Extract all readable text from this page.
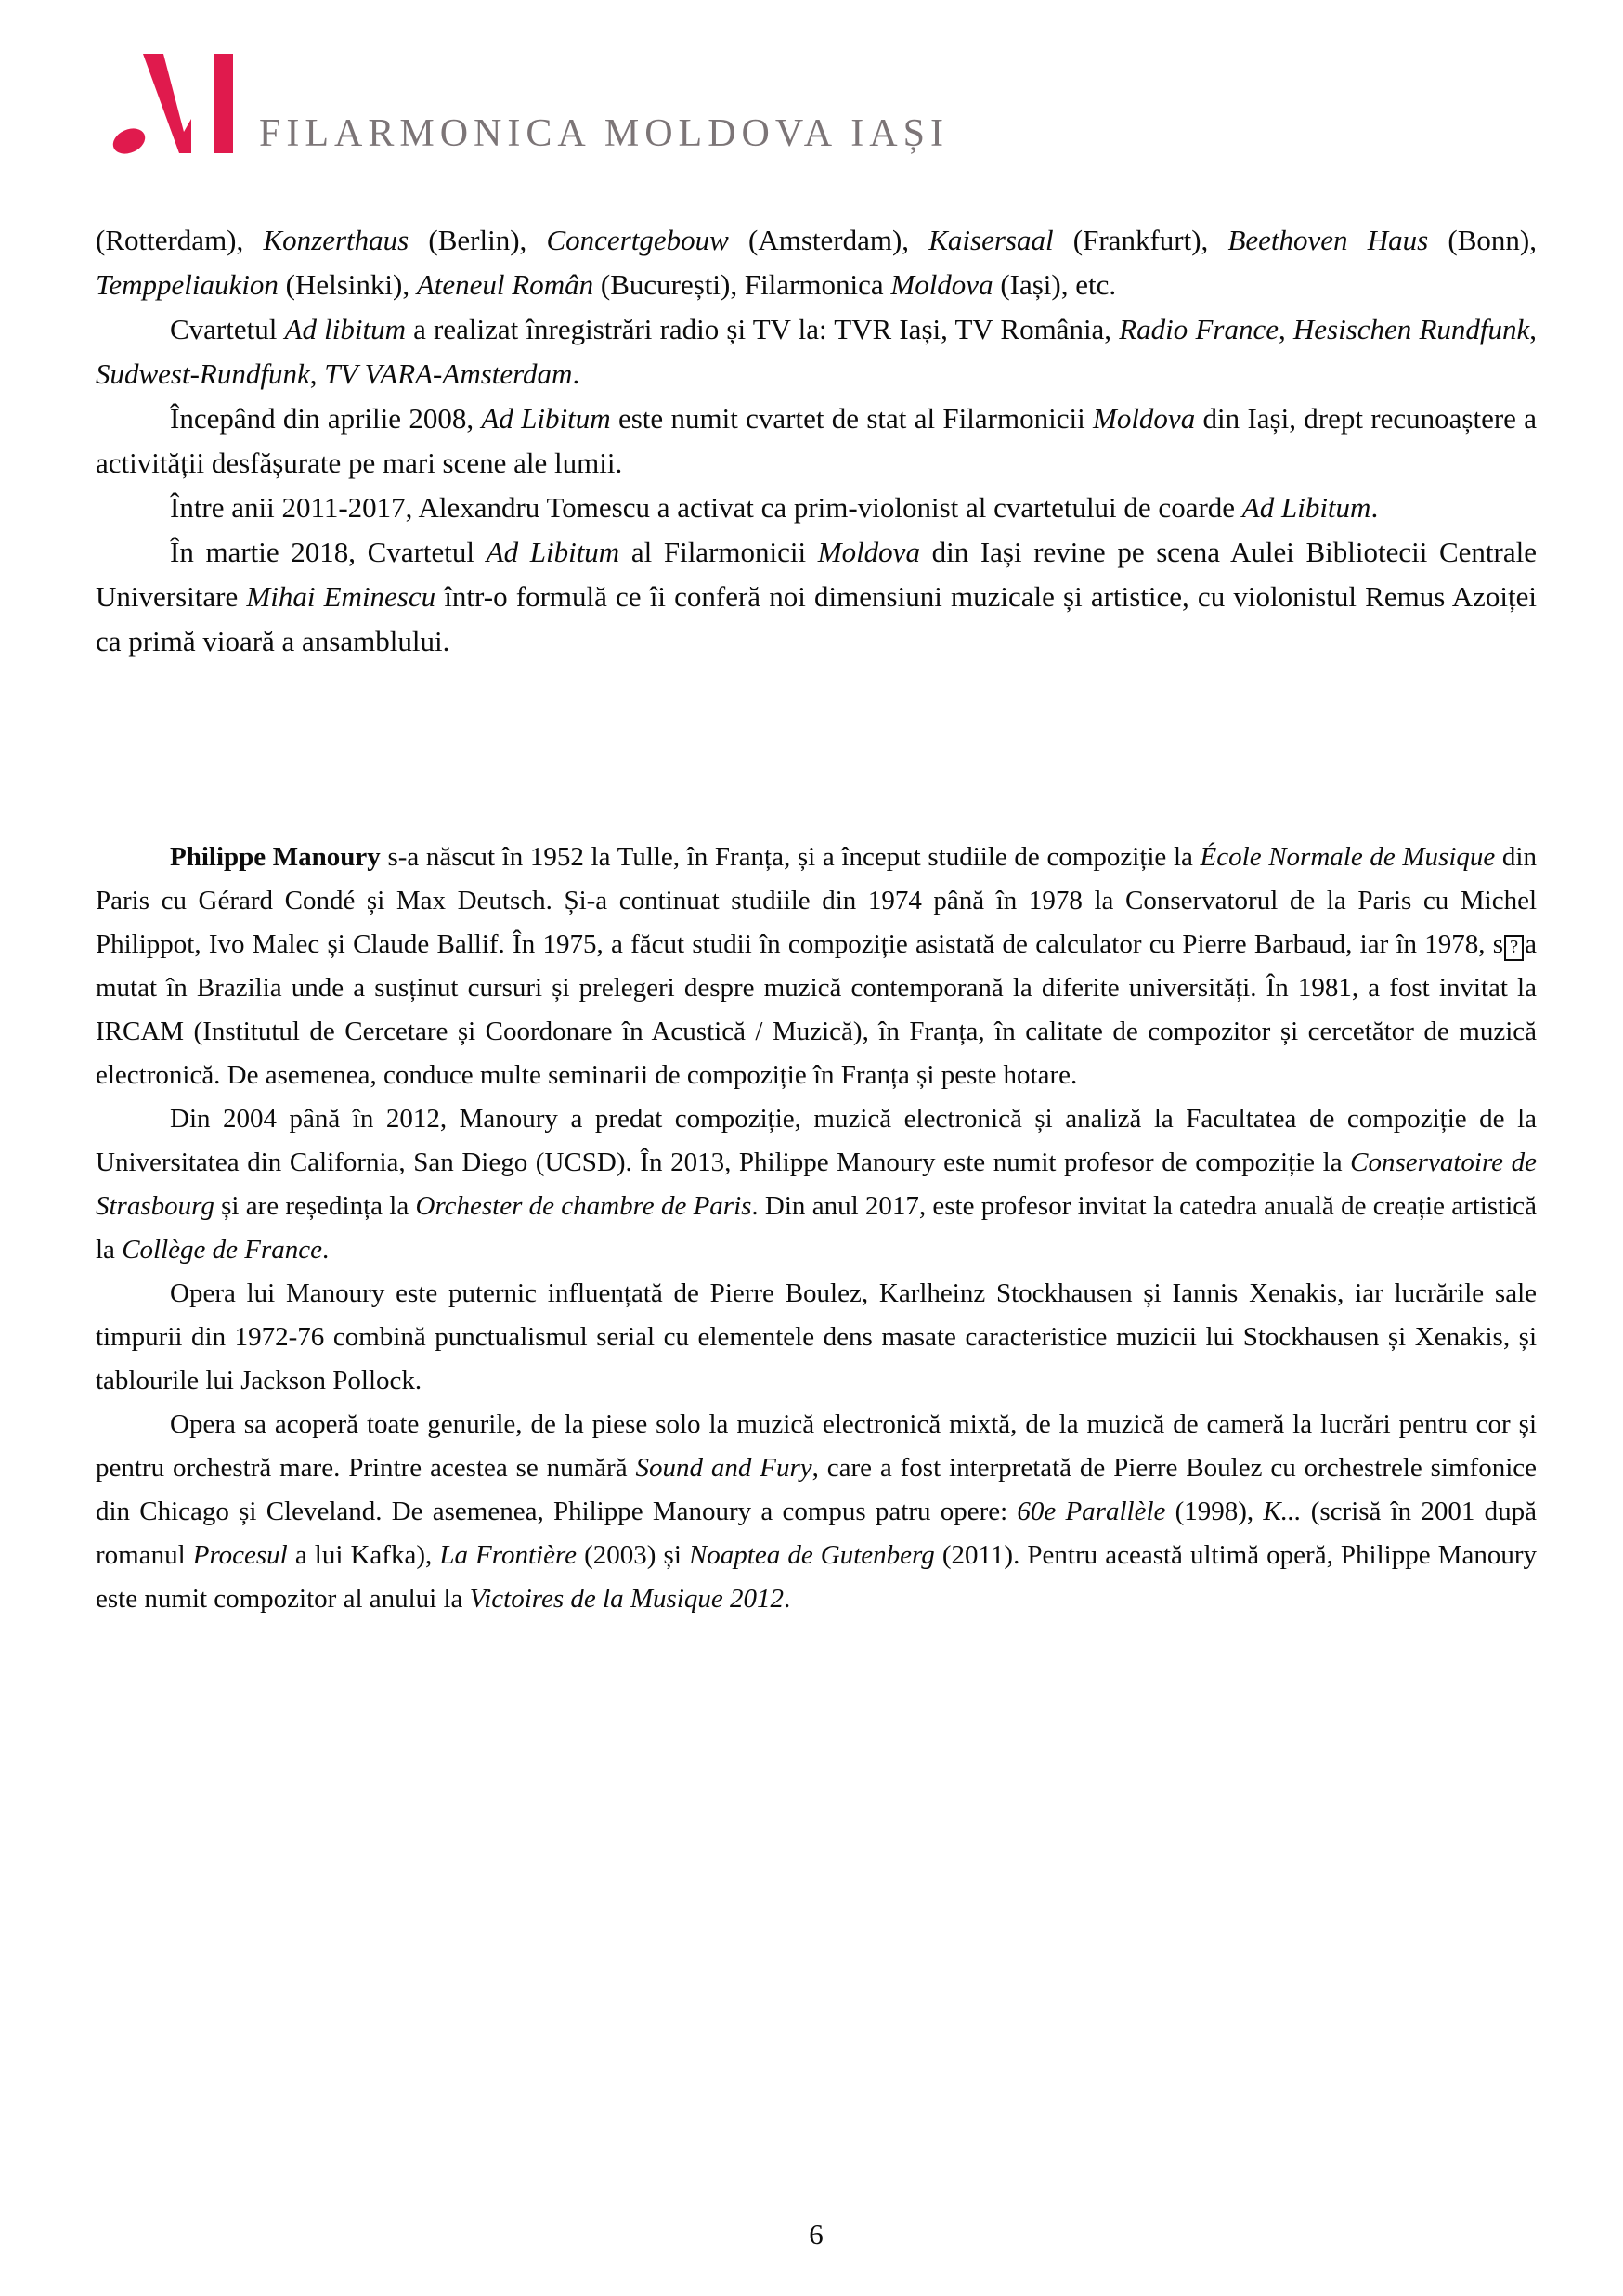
FILARMONICA MOLDOVA IAȘI

(Rotterdam), Konzerthaus (Berlin), Concertgebouw (Amsterdam), Kaisersaal (Frankfurt), Beethoven Haus (Bonn), Temppeliaukion (Helsinki), Ateneul Român (București), Filarmonica Moldova (Iași), etc.

Cvartetul Ad libitum a realizat înregistrări radio și TV la: TVR Iași, TV România, Radio France, Hesischen Rundfunk, Sudwest-Rundfunk, TV VARA-Amsterdam.

Începând din aprilie 2008, Ad Libitum este numit cvartet de stat al Filarmonicii Moldova din Iași, drept recunoaștere a activității desfășurate pe mari scene ale lumii.

Între anii 2011-2017, Alexandru Tomescu a activat ca prim-violonist al cvartetului de coarde Ad Libitum.

În martie 2018, Cvartetul Ad Libitum al Filarmonicii Moldova din Iași revine pe scena Aulei Bibliotecii Centrale Universitare Mihai Eminescu într-o formulă ce îi conferă noi dimensiuni muzicale și artistice, cu violonistul Remus Azoiței ca primă vioară a ansamblului.

Philippe Manoury s-a născut în 1952 la Tulle, în Franța, și a început studiile de compoziție la École Normale de Musique din Paris cu Gérard Condé și Max Deutsch. Și-a continuat studiile din 1974 până în 1978 la Conservatorul de la Paris cu Michel Philippot, Ivo Malec și Claude Ballif. În 1975, a făcut studii în compoziție asistată de calculator cu Pierre Barbaud, iar în 1978, s ? a mutat în Brazilia unde a susținut cursuri și prelegeri despre muzică contemporană la diferite universități. În 1981, a fost invitat la IRCAM (Institutul de Cercetare și Coordonare în Acustică / Muzică), în Franța, în calitate de compozitor și cercetător de muzică electronică. De asemenea, conduce multe seminarii de compoziție în Franța și peste hotare.

Din 2004 până în 2012, Manoury a predat compoziție, muzică electronică și analiză la Facultatea de compoziție de la Universitatea din California, San Diego (UCSD). În 2013, Philippe Manoury este numit profesor de compoziție la Conservatoire de Strasbourg și are reședința la Orchester de chambre de Paris. Din anul 2017, este profesor invitat la catedra anuală de creație artistică la Collège de France.

Opera lui Manoury este puternic influențată de Pierre Boulez, Karlheinz Stockhausen și Iannis Xenakis, iar lucrările sale timpurii din 1972-76 combină punctualismul serial cu elementele dens masate caracteristice muzicii lui Stockhausen și Xenakis, și tablourile lui Jackson Pollock.

Opera sa acoperă toate genurile, de la piese solo la muzică electronică mixtă, de la muzică de cameră la lucrări pentru cor și pentru orchestră mare. Printre acestea se numără Sound and Fury, care a fost interpretată de Pierre Boulez cu orchestrele simfonice din Chicago și Cleveland. De asemenea, Philippe Manoury a compus patru opere: 60e Parallèle (1998), K... (scrisă în 2001 după romanul Procesul a lui Kafka), La Frontière (2003) și Noaptea de Gutenberg (2011). Pentru această ultimă operă, Philippe Manoury este numit compozitor al anului la Victoires de la Musique 2012.

6
